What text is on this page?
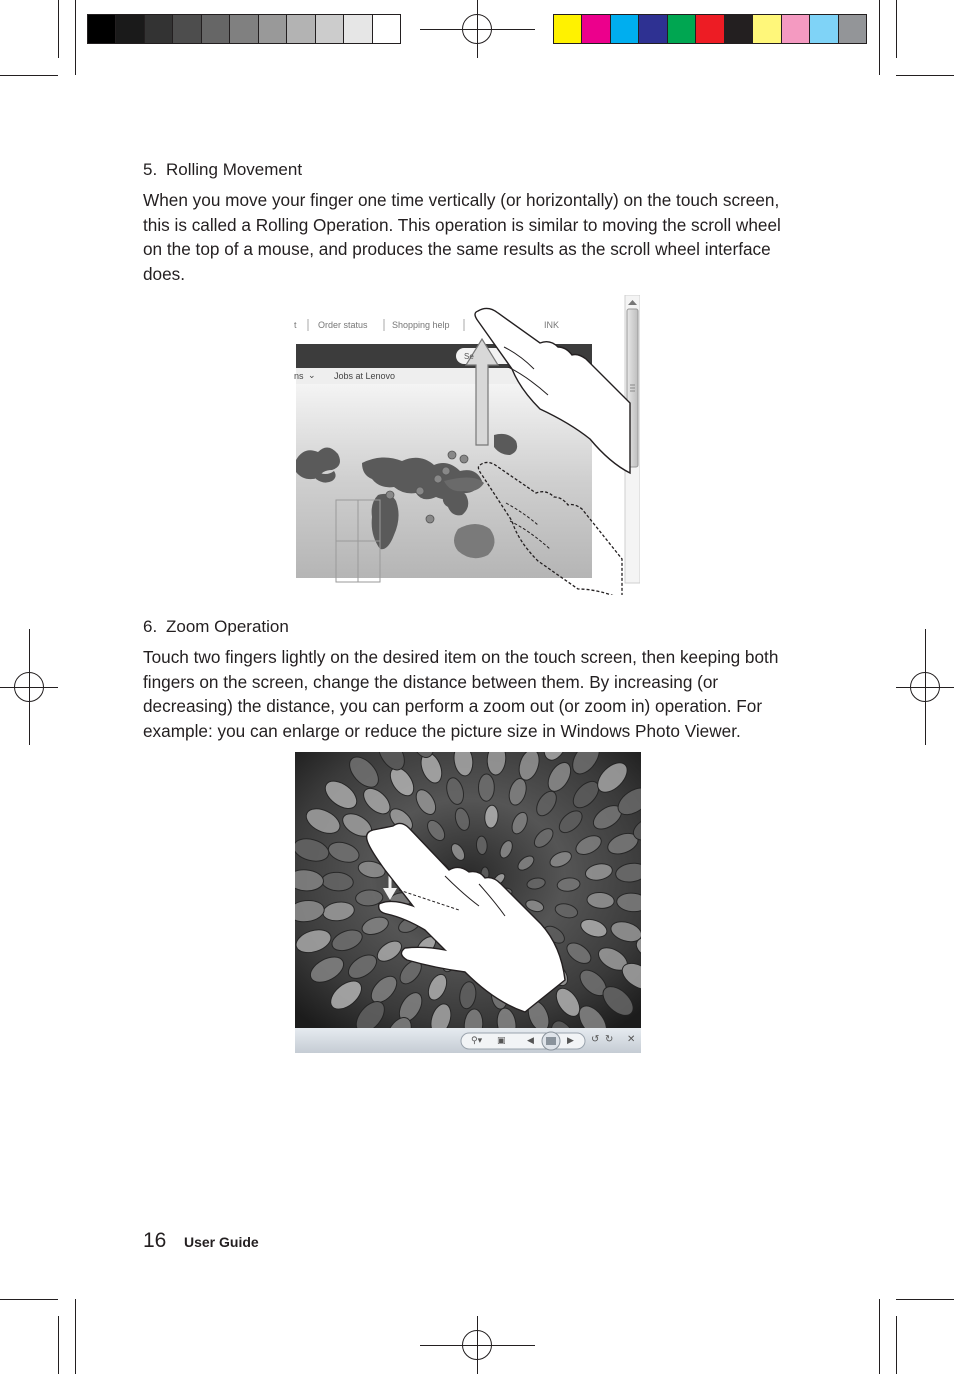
5. Rolling Movement

When you move your finger one time vertically (or horizontally) on the touch screen, this is called a Rolling Operation. This operation is similar to moving the scroll wheel on the top of a mouse, and produces the same results as the scroll wheel interface does.

t Order status	Shopping help	INK
Se
ns ⌄ Jobs at Lenovo
6. Zoom Operation

Touch two fingers lightly on the desired item on the touch screen, then keeping both fingers on the screen, change the distance between them. By increasing (or decreasing) the distance, you can perform a zoom out (or zoom in) operation. For example: you can enlarge or reduce the picture size in Windows Photo Viewer.

⚲▾ ▣ ◀	▶ ↺ ↻ ✕
16 User Guide
